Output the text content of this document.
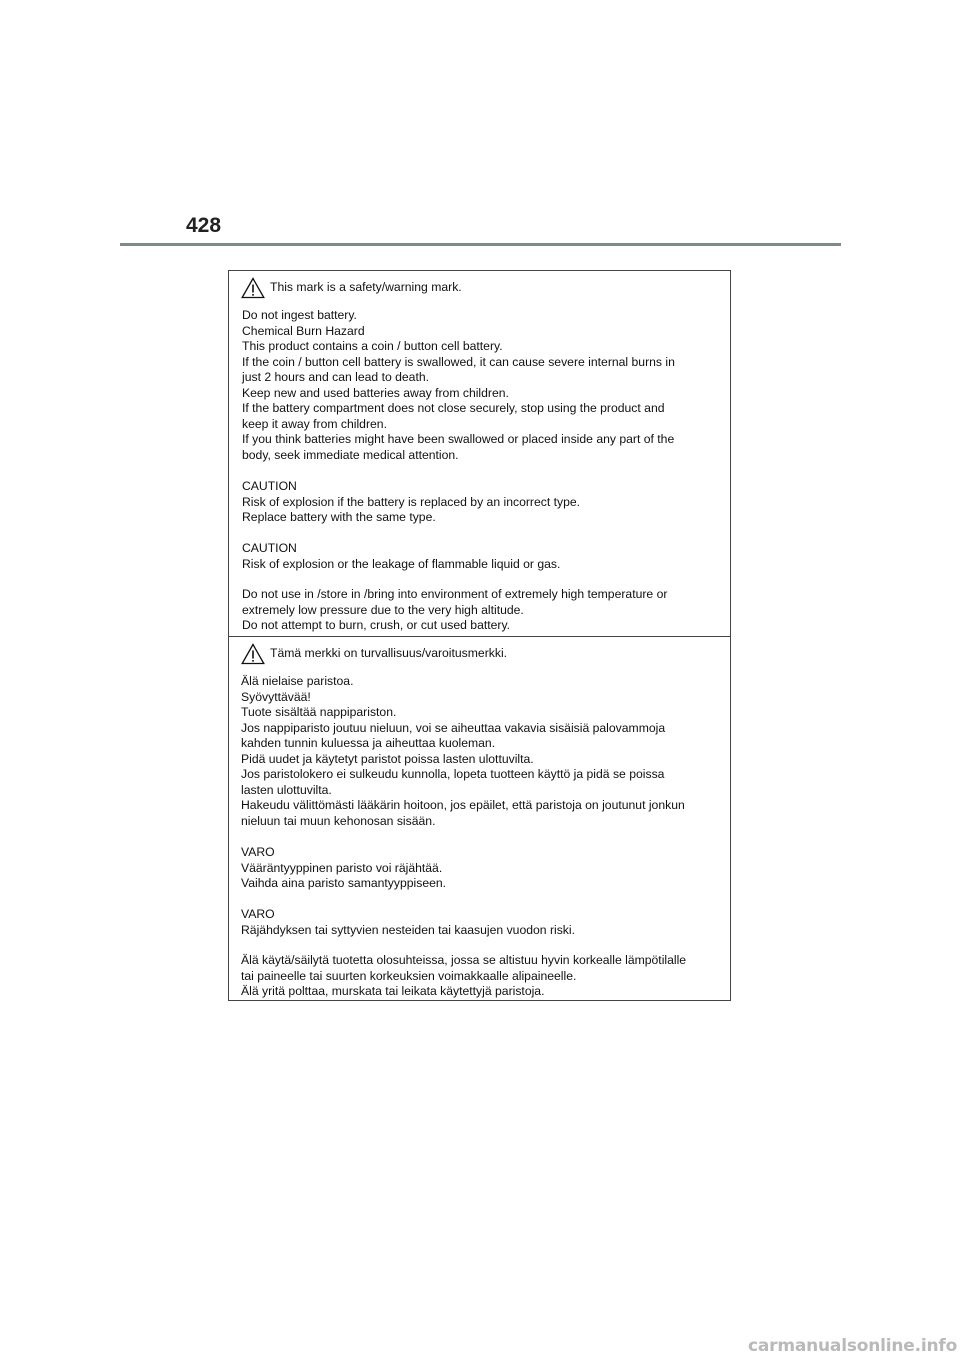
428
This mark is a safety/warning mark.
Do not ingest battery.
Chemical Burn Hazard
This product contains a coin / button cell battery.
If the coin / button cell battery is swallowed, it can cause severe internal burns in
just 2 hours and can lead to death.
Keep new and used batteries away from children.
If the battery compartment does not close securely, stop using the product and
keep it away from children.
If you think batteries might have been swallowed or placed inside any part of the
body, seek immediate medical attention.
CAUTION
Risk of explosion if the battery is replaced by an incorrect type.
Replace battery with the same type.
CAUTION
Risk of explosion or the leakage of flammable liquid or gas.
Do not use in /store in /bring into environment of extremely high temperature or
extremely low pressure due to the very high altitude.
Do not attempt to burn, crush, or cut used battery.
Tämä merkki on turvallisuus/varoitusmerkki.
Älä nielaise paristoa.
Syövyttävää!
Tuote sisältää nappipariston.
Jos nappiparisto joutuu nieluun, voi se aiheuttaa vakavia sisäisiä palovammoja
kahden tunnin kuluessa ja aiheuttaa kuoleman.
Pidä uudet ja käytetyt paristot poissa lasten ulottuvilta.
Jos paristolokero ei sulkeudu kunnolla, lopeta tuotteen käyttö ja pidä se poissa
lasten ulottuvilta.
Hakeudu välittömästi lääkärin hoitoon, jos epäilet, että paristoja on joutunut jonkun
nieluun tai muun kehonosan sisään.
VARO
Vääräntyyppinen paristo voi räjähtää.
Vaihda aina paristo samantyyppiseen.
VARO
Räjähdyksen tai syttyvien nesteiden tai kaasujen vuodon riski.
Älä käytä/säilytä tuotetta olosuhteissa, jossa se altistuu hyvin korkealle lämpötilalle
tai paineelle tai suurten korkeuksien voimakkaalle alipaineelle.
Älä yritä polttaa, murskata tai leikata käytettyjä paristoja.
carmanualsonline.info
